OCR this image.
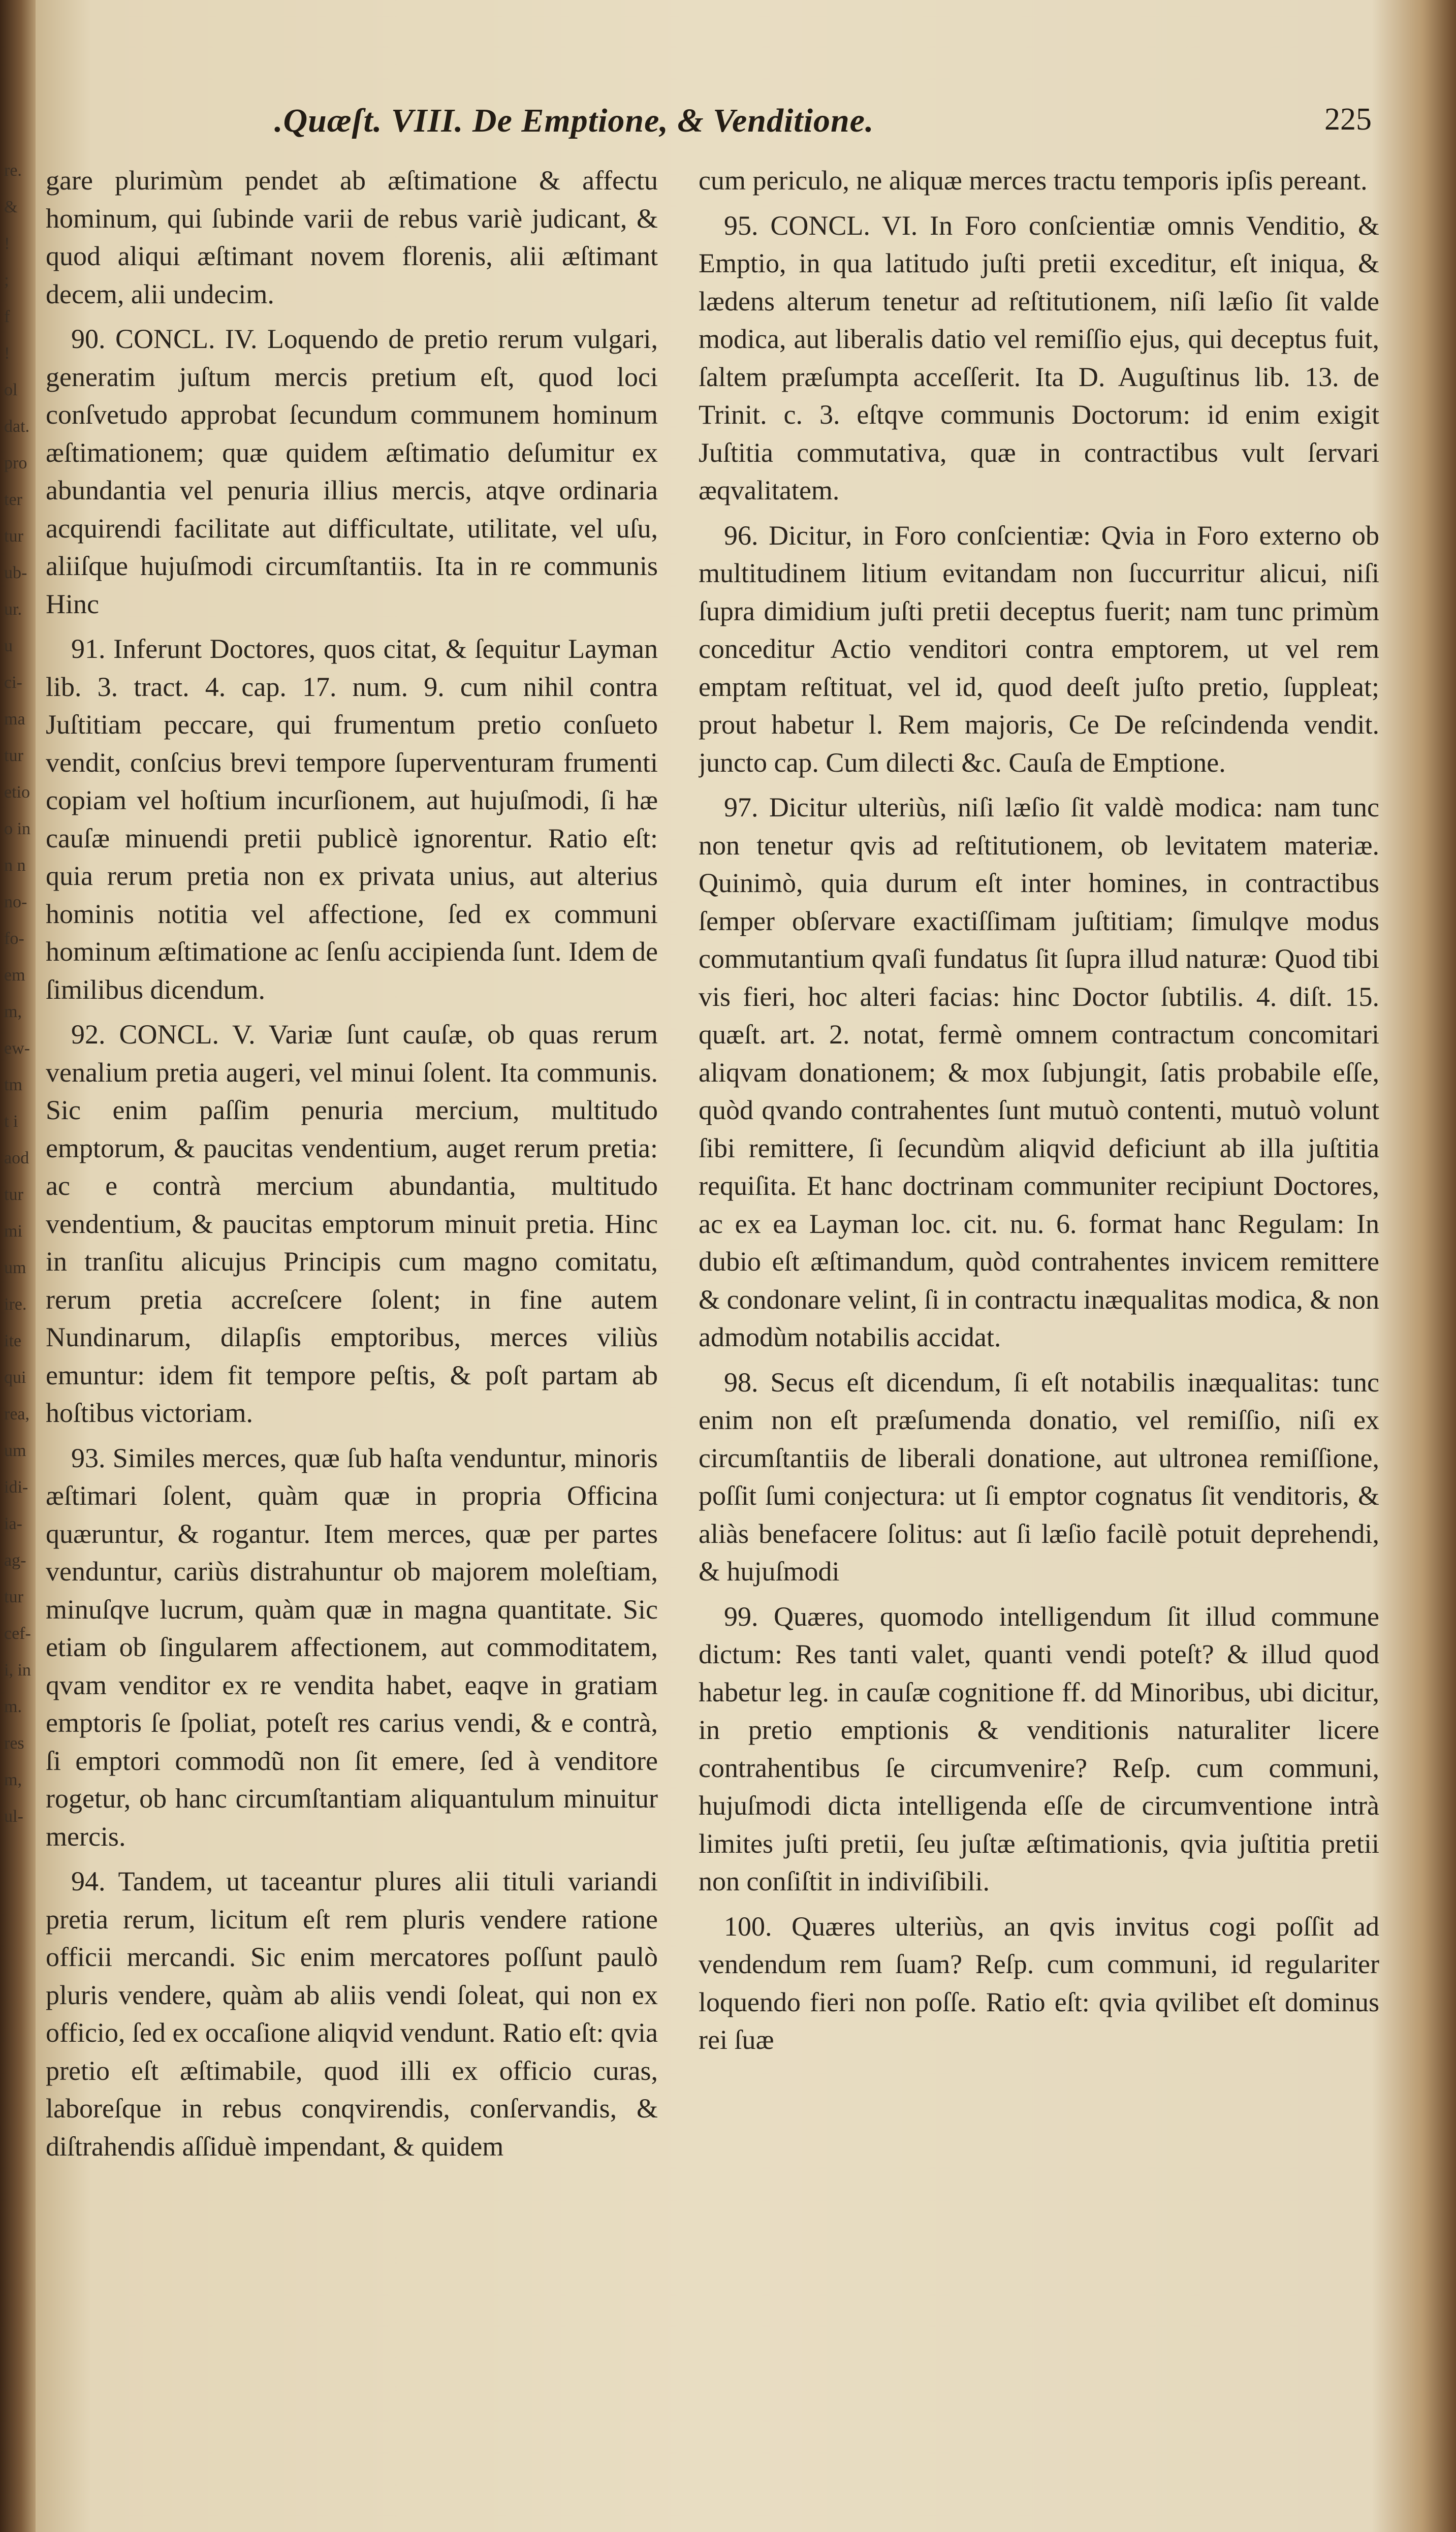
re.
&
!
;
f
!
ol
dat.
pro
ter
tur
ub-
ur.
u
ci-
ma
tur
etio
o in
n n
no-
fo-
em
m,
ew-
tm
t i
aod
tur
mi
um
ire.
ite
qui
rea,
um
idi-
ia-
ag-
tur
cef-
i, in
m.
res
m,
ul-
.Quæſt. VIII. De Emptione, & Venditione.	225

gare plurimùm pendet ab æſtimatione & affectu hominum, qui ſubinde varii de rebus variè judicant, & quod aliqui æſtimant novem florenis, alii æſtimant decem, alii undecim.

90. CONCL. IV. Loquendo de pretio rerum vulgari, generatim juſtum mercis pretium eſt, quod loci conſvetudo approbat ſecundum communem hominum æſtimationem; quæ quidem æſtimatio deſumitur ex abundantia vel penuria illius mercis, atqve ordinaria acquirendi facilitate aut difficultate, utilitate, vel uſu, aliiſque hujuſmodi circumſtantiis. Ita in re communis Hinc

91. Inferunt Doctores, quos citat, & ſequitur Layman lib. 3. tract. 4. cap. 17. num. 9. cum nihil contra Juſtitiam peccare, qui frumentum pretio conſueto vendit, conſcius brevi tempore ſuperventuram frumenti copiam vel hoſtium incurſionem, aut hujuſmodi, ſi hæ cauſæ minuendi pretii publicè ignorentur. Ratio eſt: quia rerum pretia non ex privata unius, aut alterius hominis notitia vel affectione, ſed ex communi hominum æſtimatione ac ſenſu accipienda ſunt. Idem de ſimilibus dicendum.

92. CONCL. V. Variæ ſunt cauſæ, ob quas rerum venalium pretia augeri, vel minui ſolent. Ita communis. Sic enim paſſim penuria mercium, multitudo emptorum, & paucitas vendentium, auget rerum pretia: ac e contrà mercium abundantia, multitudo vendentium, & paucitas emptorum minuit pretia. Hinc in tranſitu alicujus Principis cum magno comitatu, rerum pretia accreſcere ſolent; in fine autem Nundinarum, dilapſis emptoribus, merces viliùs emuntur: idem fit tempore peſtis, & poſt partam ab hoſtibus victoriam.

93. Similes merces, quæ ſub haſta venduntur, minoris æſtimari ſolent, quàm quæ in propria Officina quæruntur, & rogantur. Item merces, quæ per partes venduntur, cariùs distrahuntur ob majorem moleſtiam, minuſqve lucrum, quàm quæ in magna quantitate. Sic etiam ob ſingularem affectionem, aut commoditatem, qvam venditor ex re vendita habet, eaqve in gratiam emptoris ſe ſpoliat, poteſt res carius vendi, & e contrà, ſi emptori commodũ non ſit emere, ſed à venditore rogetur, ob hanc circumſtantiam aliquantulum minuitur mercis.

94. Tandem, ut taceantur plures alii tituli variandi pretia rerum, licitum eſt rem pluris vendere ratione officii mercandi. Sic enim mercatores poſſunt paulò pluris vendere, quàm ab aliis vendi ſoleat, qui non ex officio, ſed ex occaſione aliqvid vendunt. Ratio eſt: qvia pretio eſt æſtimabile, quod illi ex officio curas, laboreſque in rebus conqvirendis, conſervandis, & diſtrahendis aſſiduè impendant, & quidem

cum periculo, ne aliquæ merces tractu temporis ipſis pereant.

95. CONCL. VI. In Foro conſcientiæ omnis Venditio, & Emptio, in qua latitudo juſti pretii exceditur, eſt iniqua, & lædens alterum tenetur ad reſtitutionem, niſi læſio ſit valde modica, aut liberalis datio vel remiſſio ejus, qui deceptus fuit, ſaltem præſumpta acceſſerit. Ita D. Auguſtinus lib. 13. de Trinit. c. 3. eſtqve communis Doctorum: id enim exigit Juſtitia commutativa, quæ in contractibus vult ſervari æqvalitatem.

96. Dicitur, in Foro conſcientiæ: Qvia in Foro externo ob multitudinem litium evitandam non ſuccurritur alicui, niſi ſupra dimidium juſti pretii deceptus fuerit; nam tunc primùm conceditur Actio venditori contra emptorem, ut vel rem emptam reſtituat, vel id, quod deeſt juſto pretio, ſuppleat; prout habetur l. Rem majoris, Ce De reſcindenda vendit. juncto cap. Cum dilecti &c. Cauſa de Emptione.

97. Dicitur ulteriùs, niſi læſio ſit valdè modica: nam tunc non tenetur qvis ad reſtitutionem, ob levitatem materiæ. Quinimò, quia durum eſt inter homines, in contractibus ſemper obſervare exactiſſimam juſtitiam; ſimulqve modus commutantium qvaſi fundatus ſit ſupra illud naturæ: Quod tibi vis fieri, hoc alteri facias: hinc Doctor ſubtilis. 4. diſt. 15. quæſt. art. 2. notat, fermè omnem contractum concomitari aliqvam donationem; & mox ſubjungit, ſatis probabile eſſe, quòd qvando contrahentes ſunt mutuò contenti, mutuò volunt ſibi remittere, ſi ſecundùm aliqvid deficiunt ab illa juſtitia requiſita. Et hanc doctrinam communiter recipiunt Doctores, ac ex ea Layman loc. cit. nu. 6. format hanc Regulam: In dubio eſt æſtimandum, quòd contrahentes invicem remittere & condonare velint, ſi in contractu inæqualitas modica, & non admodùm notabilis accidat.

98. Secus eſt dicendum, ſi eſt notabilis inæqualitas: tunc enim non eſt præſumenda donatio, vel remiſſio, niſi ex circumſtantiis de liberali donatione, aut ultronea remiſſione, poſſit ſumi conjectura: ut ſi emptor cognatus ſit venditoris, & aliàs benefacere ſolitus: aut ſi læſio facilè potuit deprehendi, & hujuſmodi

99. Quæres, quomodo intelligendum ſit illud commune dictum: Res tanti valet, quanti vendi poteſt? & illud quod habetur leg. in cauſæ cognitione ff. dd Minoribus, ubi dicitur, in pretio emptionis & venditionis naturaliter licere contrahentibus ſe circumvenire? Reſp. cum communi, hujuſmodi dicta intelligenda eſſe de circumventione intrà limites juſti pretii, ſeu juſtæ æſtimationis, qvia juſtitia pretii non conſiſtit in indiviſibili.

100. Quæres ulteriùs, an qvis invitus cogi poſſit ad vendendum rem ſuam? Reſp. cum communi, id regulariter loquendo fieri non poſſe. Ratio eſt: qvia qvilibet eſt dominus rei ſuæ
